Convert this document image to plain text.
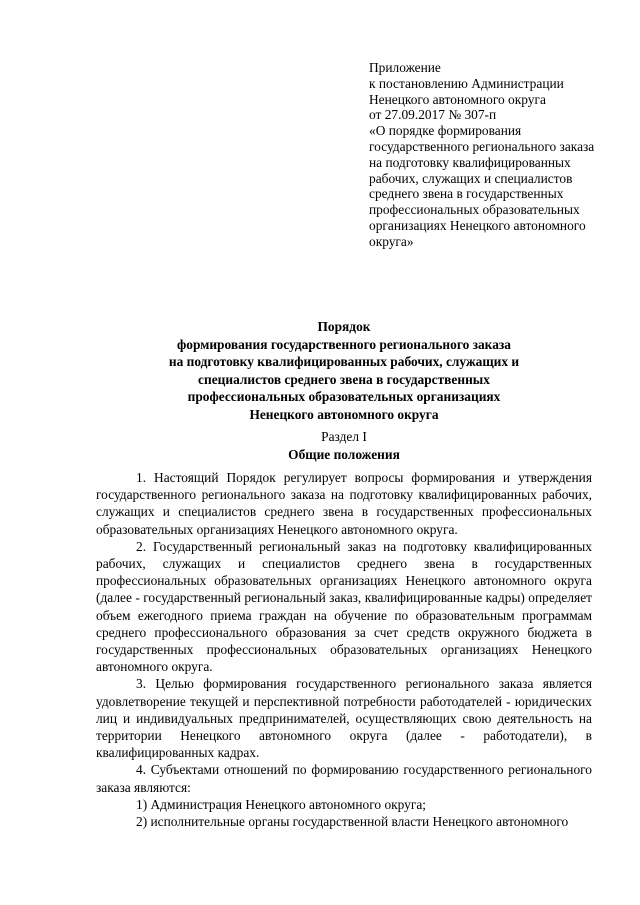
Приложение
к постановлению Администрации
Ненецкого автономного округа
от 27.09.2017 № 307-п
«О порядке формирования
государственного регионального заказа
на подготовку квалифицированных
рабочих, служащих и специалистов
среднего звена в государственных
профессиональных образовательных
организациях Ненецкого автономного
округа»
Порядок
формирования государственного регионального заказа
на подготовку квалифицированных рабочих, служащих и
специалистов среднего звена в государственных
профессиональных образовательных организациях
Ненецкого автономного округа
Раздел I
Общие положения

1. Настоящий Порядок регулирует вопросы формирования и утверждения государственного регионального заказа на подготовку квалифицированных рабочих, служащих и специалистов среднего звена в государственных профессиональных образовательных организациях Ненецкого автономного округа.

2. Государственный региональный заказ на подготовку квалифицированных рабочих, служащих и специалистов среднего звена в государственных профессиональных образовательных организациях Ненецкого автономного округа (далее - государственный региональный заказ, квалифицированные кадры) определяет объем ежегодного приема граждан на обучение по образовательным программам среднего профессионального образования за счет средств окружного бюджета в государственных профессиональных образовательных организациях Ненецкого автономного округа.

3. Целью формирования государственного регионального заказа является удовлетворение текущей и перспективной потребности работодателей - юридических лиц и индивидуальных предпринимателей, осуществляющих свою деятельность на территории Ненецкого автономного округа (далее - работодатели), в квалифицированных кадрах.

4. Субъектами отношений по формированию государственного регионального заказа являются:

1) Администрация Ненецкого автономного округа;

2) исполнительные органы государственной власти Ненецкого автономного
